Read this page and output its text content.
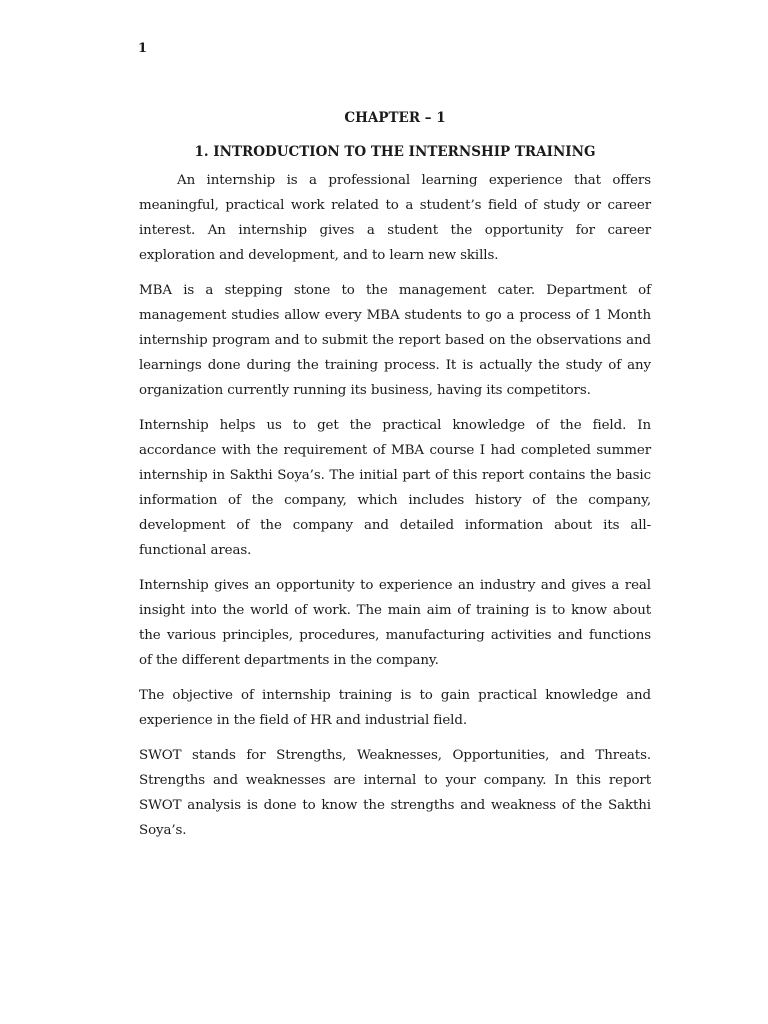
1
CHAPTER – 1
1. INTRODUCTION TO THE INTERNSHIP TRAINING

An internship is a professional learning experience that offers meaningful, practical work related to a student’s field of study or career interest. An internship gives a student the opportunity for career exploration and development, and to learn new skills.

MBA is a stepping stone to the management cater. Department of management studies allow every MBA students to go a process of 1 Month internship program and to submit the report based on the observations and learnings done during the training process. It is actually the study of any organization currently running its business, having its competitors.

Internship helps us to get the practical knowledge of the field. In accordance with the requirement of MBA course I had completed summer internship in Sakthi Soya’s. The initial part of this report contains the basic information of the company, which includes history of the company, development of the company and detailed information about its all-functional areas.

Internship gives an opportunity to experience an industry and gives a real insight into the world of work. The main aim of training is to know about the various principles, procedures, manufacturing activities and functions of the different departments in the company.

The objective of internship training is to gain practical knowledge and experience in the field of HR and industrial field.

SWOT stands for Strengths, Weaknesses, Opportunities, and Threats. Strengths and weaknesses are internal to your company. In this report SWOT analysis is done to know the strengths and weakness of the Sakthi Soya’s.
